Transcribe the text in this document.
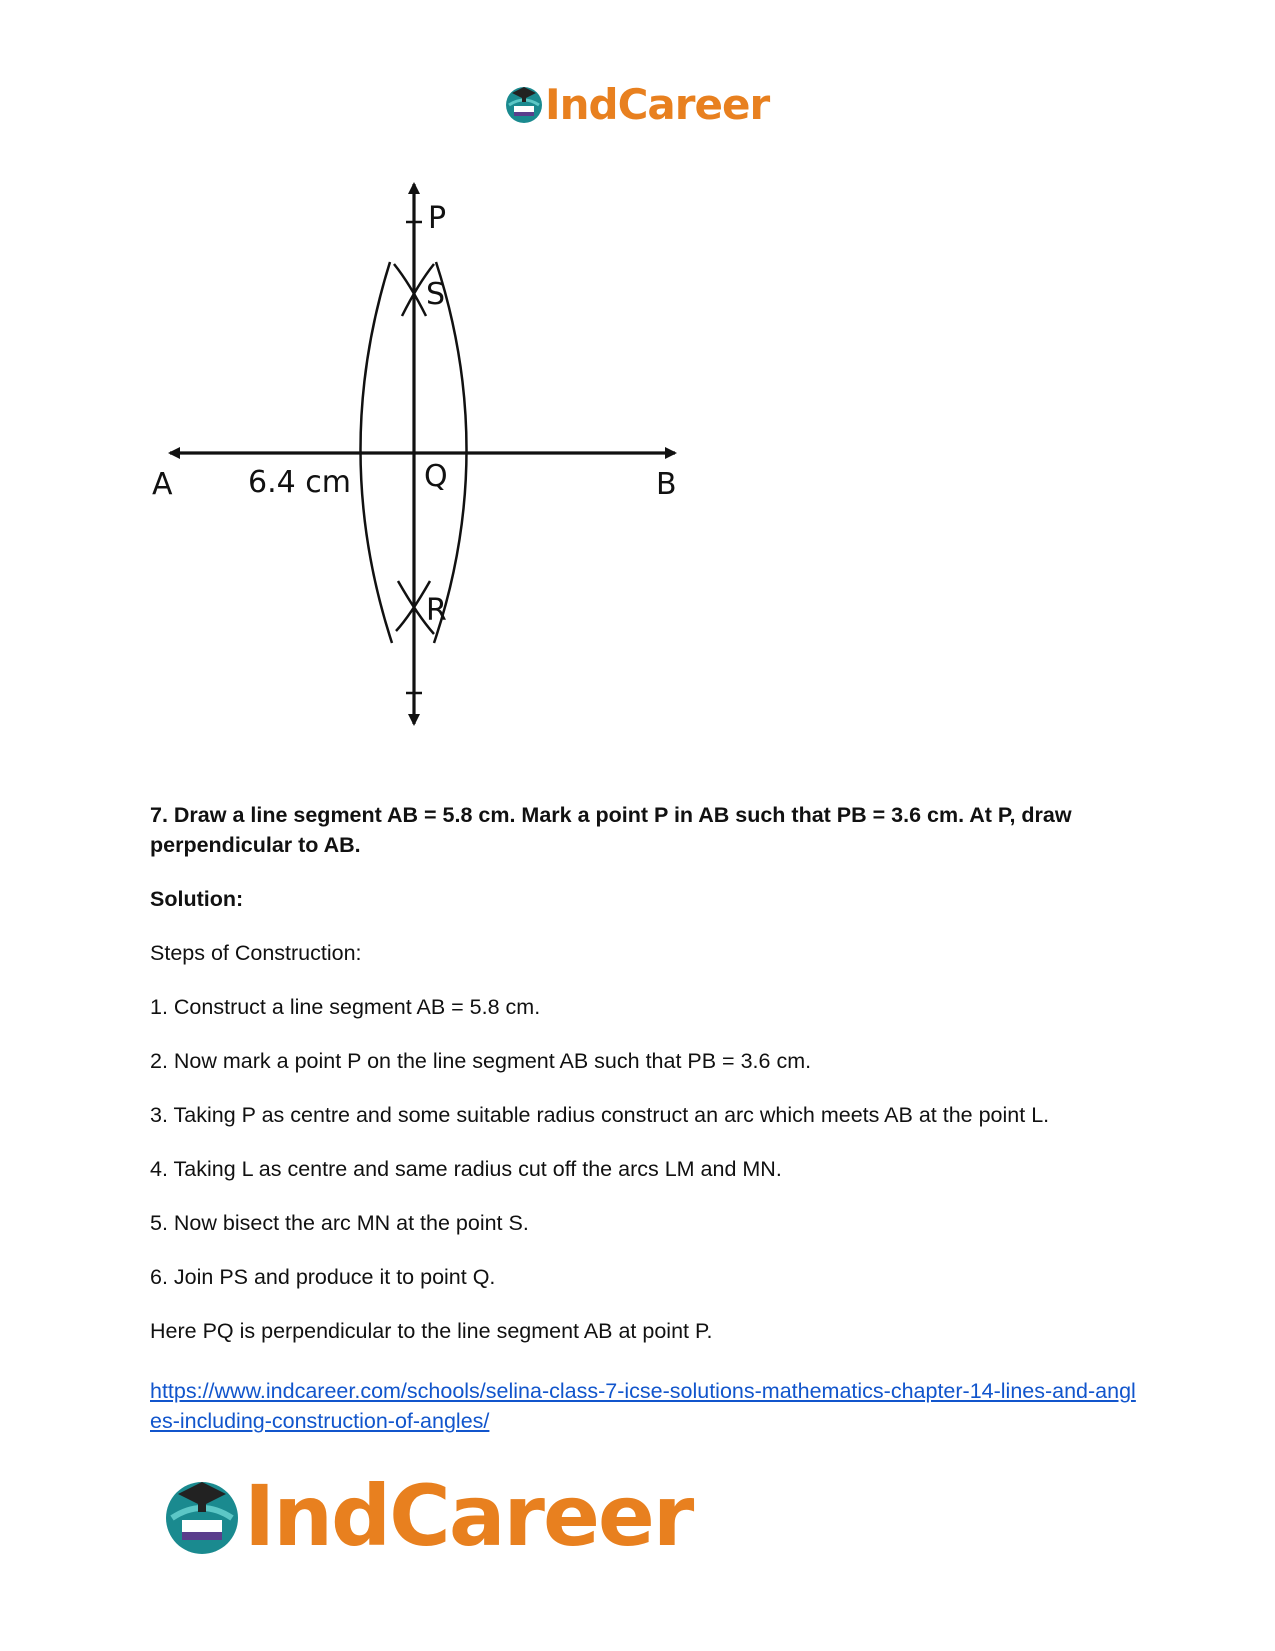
IndCareer
P
S
A	6.4 cm Q	B
R

7. Draw a line segment AB = 5.8 cm. Mark a point P in AB such that PB = 3.6 cm. At P, draw perpendicular to AB.

Solution:

Steps of Construction:

1. Construct a line segment AB = 5.8 cm.

2. Now mark a point P on the line segment AB such that PB = 3.6 cm.

3. Taking P as centre and some suitable radius construct an arc which meets AB at the point L.

4. Taking L as centre and same radius cut off the arcs LM and MN.

5. Now bisect the arc MN at the point S.

6. Join PS and produce it to point Q.

Here PQ is perpendicular to the line segment AB at point P.

https://www.indcareer.com/schools/selina-class-7-icse-solutions-mathematics-chapter-14-lines-and-angles-including-construction-of-angles/

IndCareer
